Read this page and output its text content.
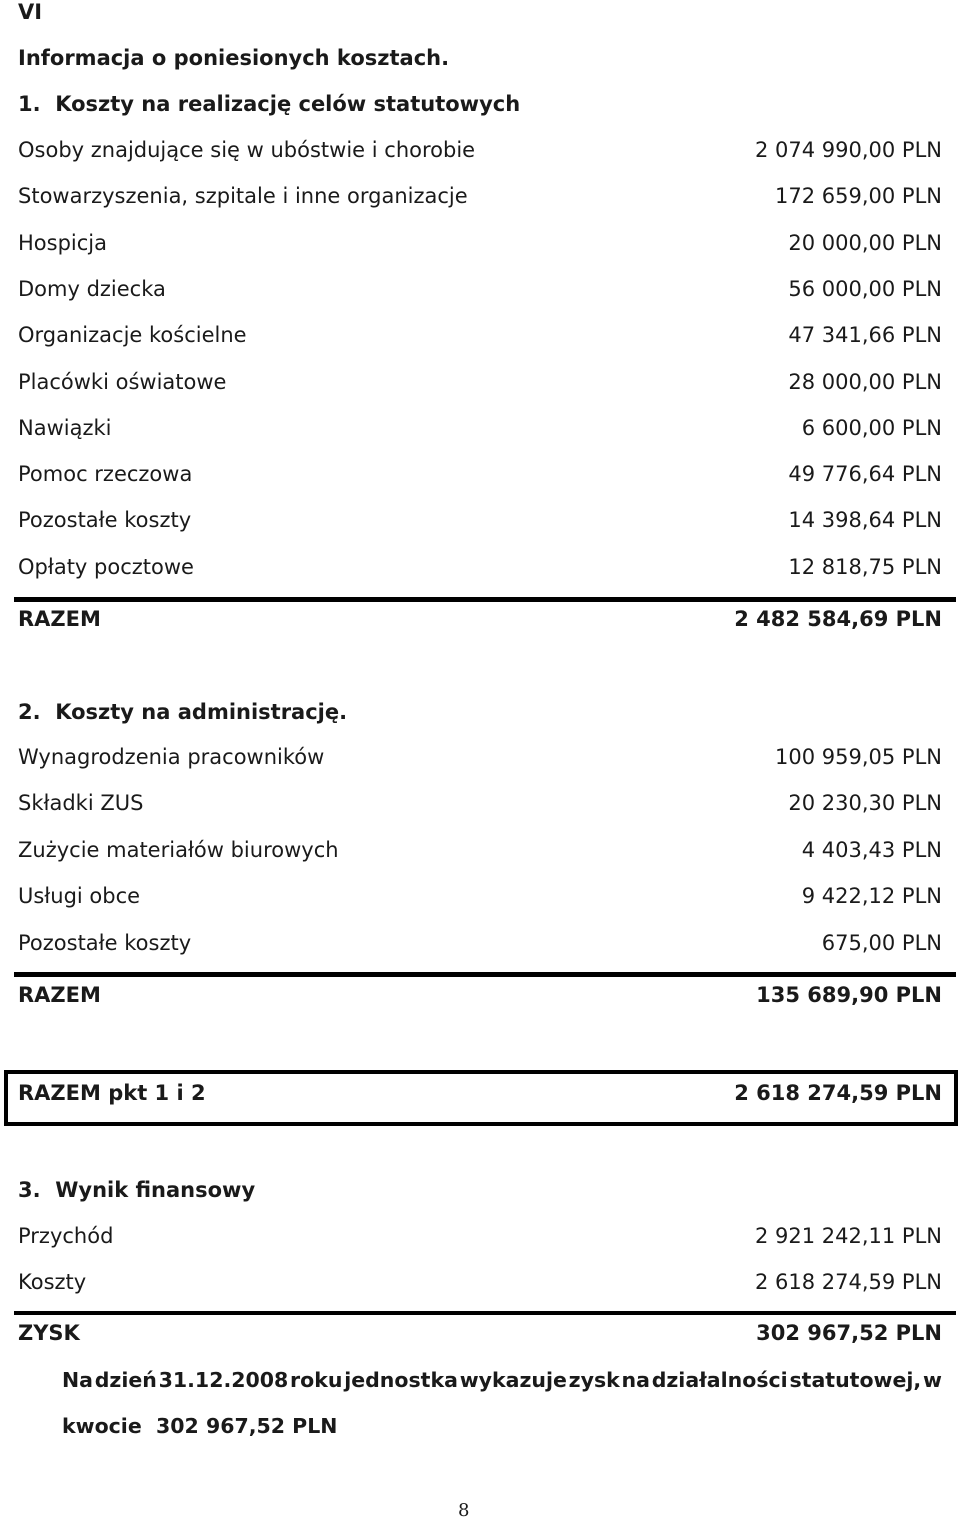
VI
Informacja o poniesionych kosztach.
1.  Koszty na realizację celów statutowych
Osoby znajdujące się w ubóstwie i chorobie	2 074 990,00 PLN
Stowarzyszenia, szpitale i inne organizacje	172 659,00 PLN
Hospicja	20 000,00 PLN
Domy dziecka	56 000,00 PLN
Organizacje kościelne	47 341,66 PLN
Placówki oświatowe	28 000,00 PLN
Nawiązki	6 600,00 PLN
Pomoc rzeczowa	49 776,64 PLN
Pozostałe koszty	14 398,64 PLN
Opłaty pocztowe	12 818,75 PLN
RAZEM	2 482 584,69 PLN
2.  Koszty na administrację.
Wynagrodzenia pracowników	100 959,05 PLN
Składki ZUS	20 230,30 PLN
Zużycie materiałów biurowych	4 403,43 PLN
Usługi obce	9 422,12 PLN
Pozostałe koszty	675,00 PLN
RAZEM	135 689,90 PLN
RAZEM pkt 1 i 2	2 618 274,59 PLN
3.  Wynik finansowy
Przychód	2 921 242,11 PLN
Koszty	2 618 274,59 PLN
ZYSK	302 967,52 PLN
Na dzień 31.12.2008 roku jednostka wykazuje zysk na działalności statutowej, w
kwocie  302 967,52 PLN
8
